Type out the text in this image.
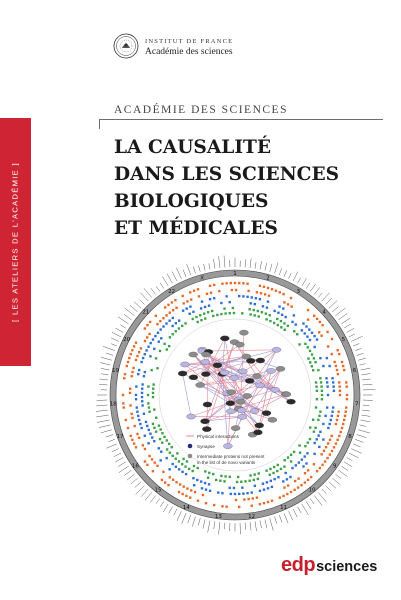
INSTITUT DE FRANCE
Académie des sciences
[ LES ATELIERS DE L'ACADÉMIE ]
ACADÉMIE DES SCIENCES
LA CAUSALITÉ
DANS LES SCIENCES
BIOLOGIQUES
ET MÉDICALES
1
2
3
4
5
6
7
8
9
10
11
12
13
14
15
16
17
18
19
20
21
22
X
Physical interactions
Synapse
Intermediate proteins not present
in the list of de novo variants
edp sciences
